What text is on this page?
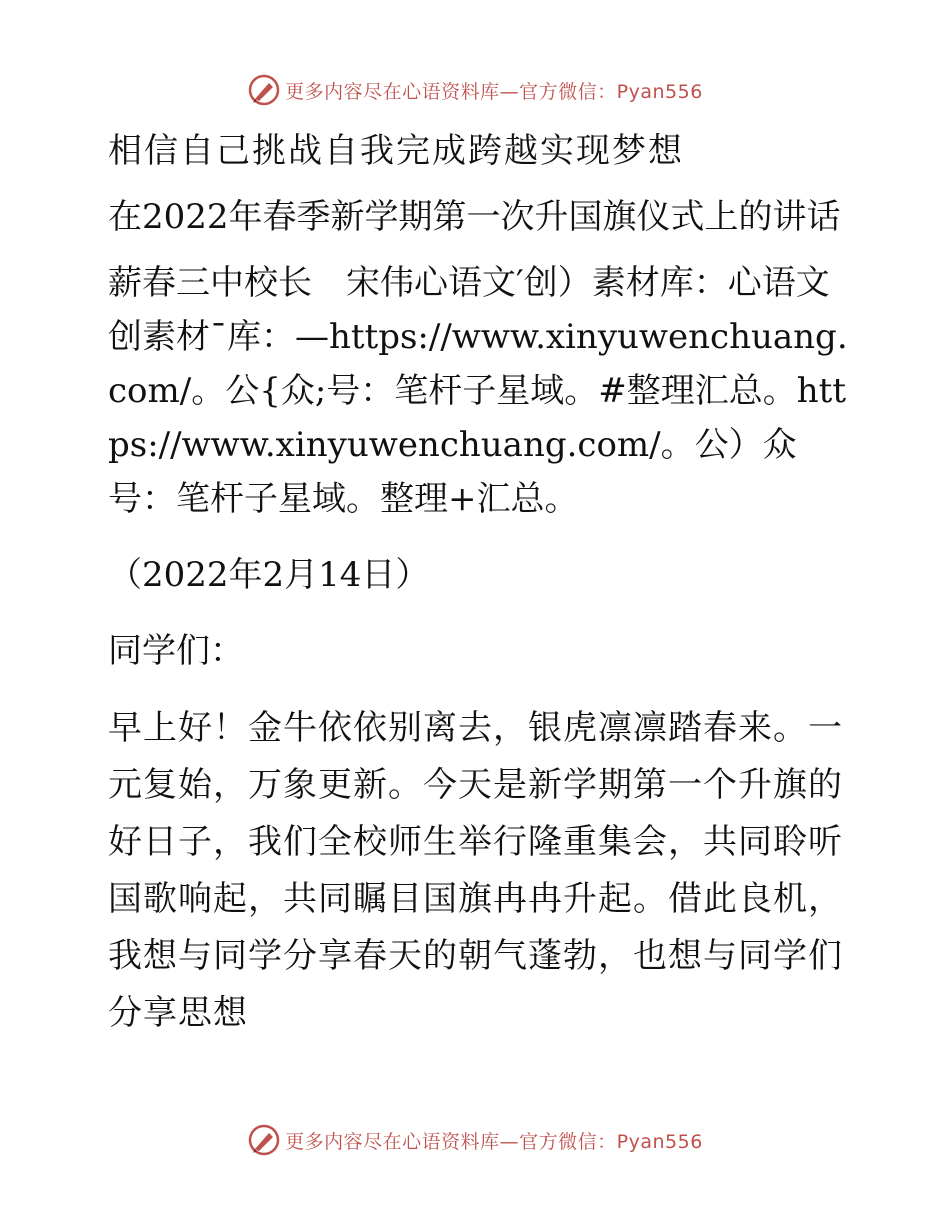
更多内容尽在心语资料库—官方微信：Pyan556

相信自己挑战自我完成跨越实现梦想

在2022年春季新学期第一次升国旗仪式上的讲话

薪春三中校长　宋伟心语文′创）素材库：心语文创素材¯库：—https://www.xinyuwenchuang.com/。公{众;号：笔杆子星域。#整理汇总。https://www.xinyuwenchuang.com/。公）众号：笔杆子星域。整理+汇总。

（2022年2月14日）

同学们：

早上好！金牛依依别离去，银虎凛凛踏春来。一元复始，万象更新。今天是新学期第一个升旗的好日子，我们全校师生举行隆重集会，共同聆听国歌响起，共同瞩目国旗冉冉升起。借此良机，我想与同学分享春天的朝气蓬勃，也想与同学们分享思想

更多内容尽在心语资料库—官方微信：Pyan556
